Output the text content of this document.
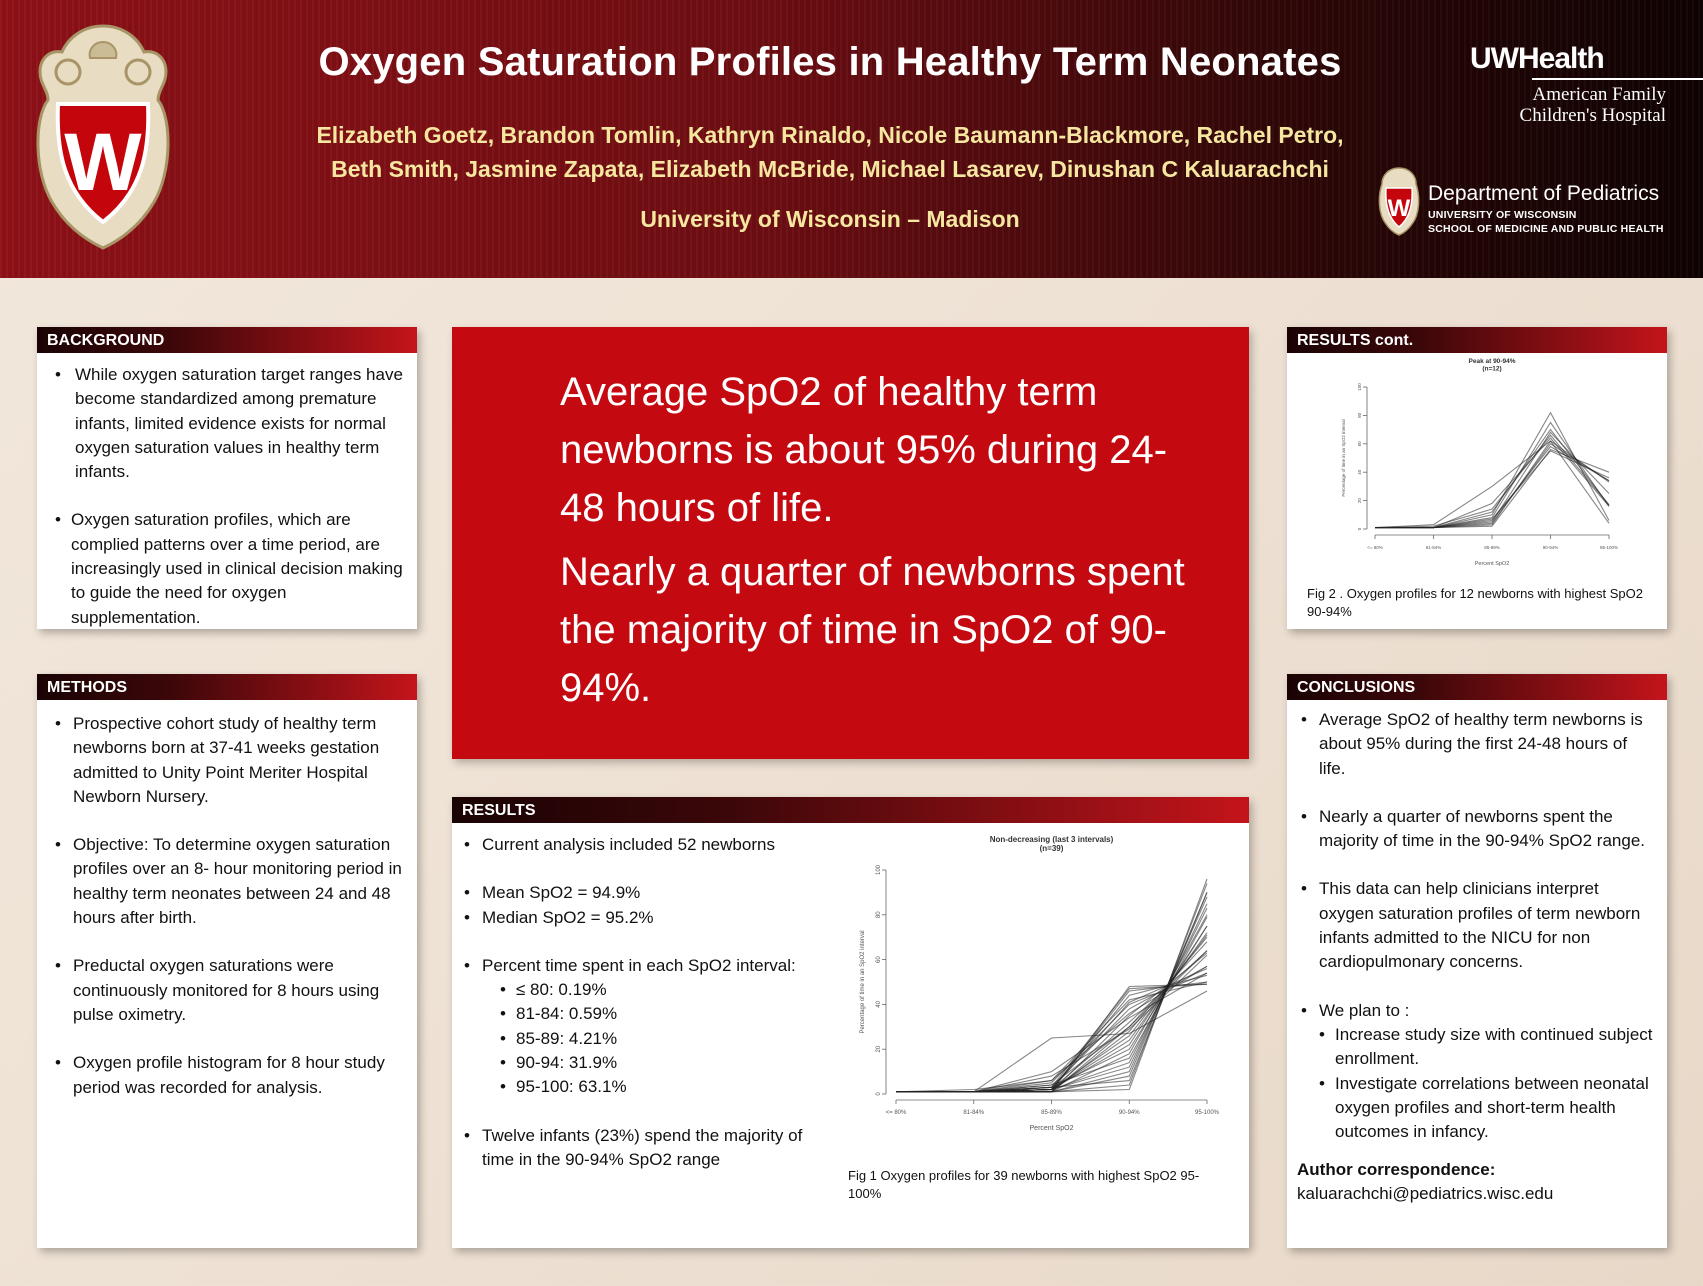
W
Oxygen Saturation Profiles in Healthy Term Neonates
Elizabeth Goetz, Brandon Tomlin, Kathryn Rinaldo, Nicole Baumann-Blackmore, Rachel Petro,
Beth Smith, Jasmine Zapata, Elizabeth McBride, Michael Lasarev, Dinushan C Kaluarachchi
University of Wisconsin – Madison
UWHealth
American Family
Children's Hospital
W
Department of Pediatrics
UNIVERSITY OF WISCONSIN
SCHOOL OF MEDICINE AND PUBLIC HEALTH
BACKGROUND
• While oxygen saturation target ranges have become standardized among premature infants, limited evidence exists for normal oxygen saturation values in healthy term infants.
• Oxygen saturation profiles, which are complied patterns over a time period, are increasingly used in clinical decision making to guide the need for oxygen supplementation.
METHODS
• Prospective cohort study of healthy term newborns born at 37-41 weeks gestation admitted to Unity Point Meriter Hospital Newborn Nursery.
• Objective: To determine oxygen saturation profiles over an 8- hour monitoring period in healthy term neonates between 24 and 48 hours after birth.
• Preductal oxygen saturations were continuously monitored for 8 hours using pulse oximetry.
• Oxygen profile histogram for 8 hour study period was recorded for analysis.

Average SpO2 of healthy term newborns is about 95% during 24-48 hours of life.

Nearly a quarter of newborns spent the majority of time in SpO2 of 90-94%.

RESULTS
• Current analysis included 52 newborns
• Mean SpO2 = 94.9%
• Median SpO2 = 95.2%
• Percent time spent in each SpO2 interval:
• ≤ 80: 0.19%
• 81-84: 0.59%
• 85-89: 4.21%
• 90-94: 31.9%
• 95-100: 63.1%
• Twelve infants (23%) spend the majority of time in the 90-94% SpO2 range
Non-decreasing (last 3 intervals)
(n=39)
0
20
40
60
80
100
<= 80%	81-84%	85-89%	90-94%	95-100%
Percent SpO2
Percentage of time in an SpO2 interval
Fig 1 Oxygen profiles for 39 newborns with highest SpO2 95-100%
RESULTS cont.
Peak at 90-94%
(n=12)
0
20
40
60
80
100
<= 80%	81-84%	85-89%	90-94%	95-100%
Percent SpO2
Percentage of time in an SpO2 interval
Fig 2 . Oxygen profiles for 12 newborns with highest SpO2 90-94%
CONCLUSIONS
• Average SpO2 of healthy term newborns is about 95% during the first 24-48 hours of life.
• Nearly a quarter of newborns spent the majority of time in the 90-94% SpO2 range.
• This data can help clinicians interpret oxygen saturation profiles of term newborn infants admitted to the NICU for non cardiopulmonary concerns.
• We plan to :
• Increase study size with continued subject enrollment.
• Investigate correlations between neonatal oxygen profiles and short-term health outcomes in infancy.
Author correspondence:
kaluarachchi@pediatrics.wisc.edu
